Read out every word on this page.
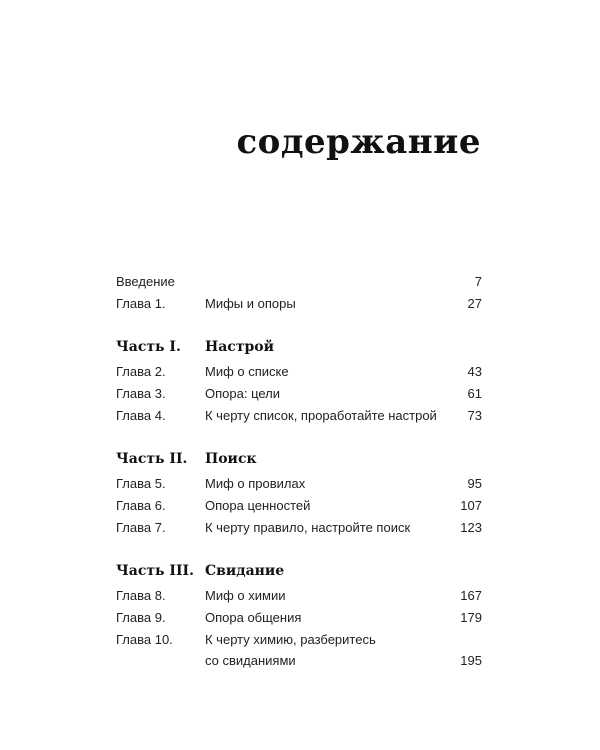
содержание
Введение	7
Глава 1.	Мифы и опоры	27
Часть I.	Настрой
Глава 2.	Миф о списке	43
Глава 3.	Опора: цели	61
Глава 4.	К черту список, проработайте настрой	73
Часть II.	Поиск
Глава 5.	Миф о провилах	95
Глава 6.	Опора ценностей	107
Глава 7.	К черту правило, настройте поиск	123
Часть III. Свидание
Глава 8.	Миф о химии	167
Глава 9.	Опора общения	179
Глава 10.	К черту химию, разберитесь
со свиданиями	195
